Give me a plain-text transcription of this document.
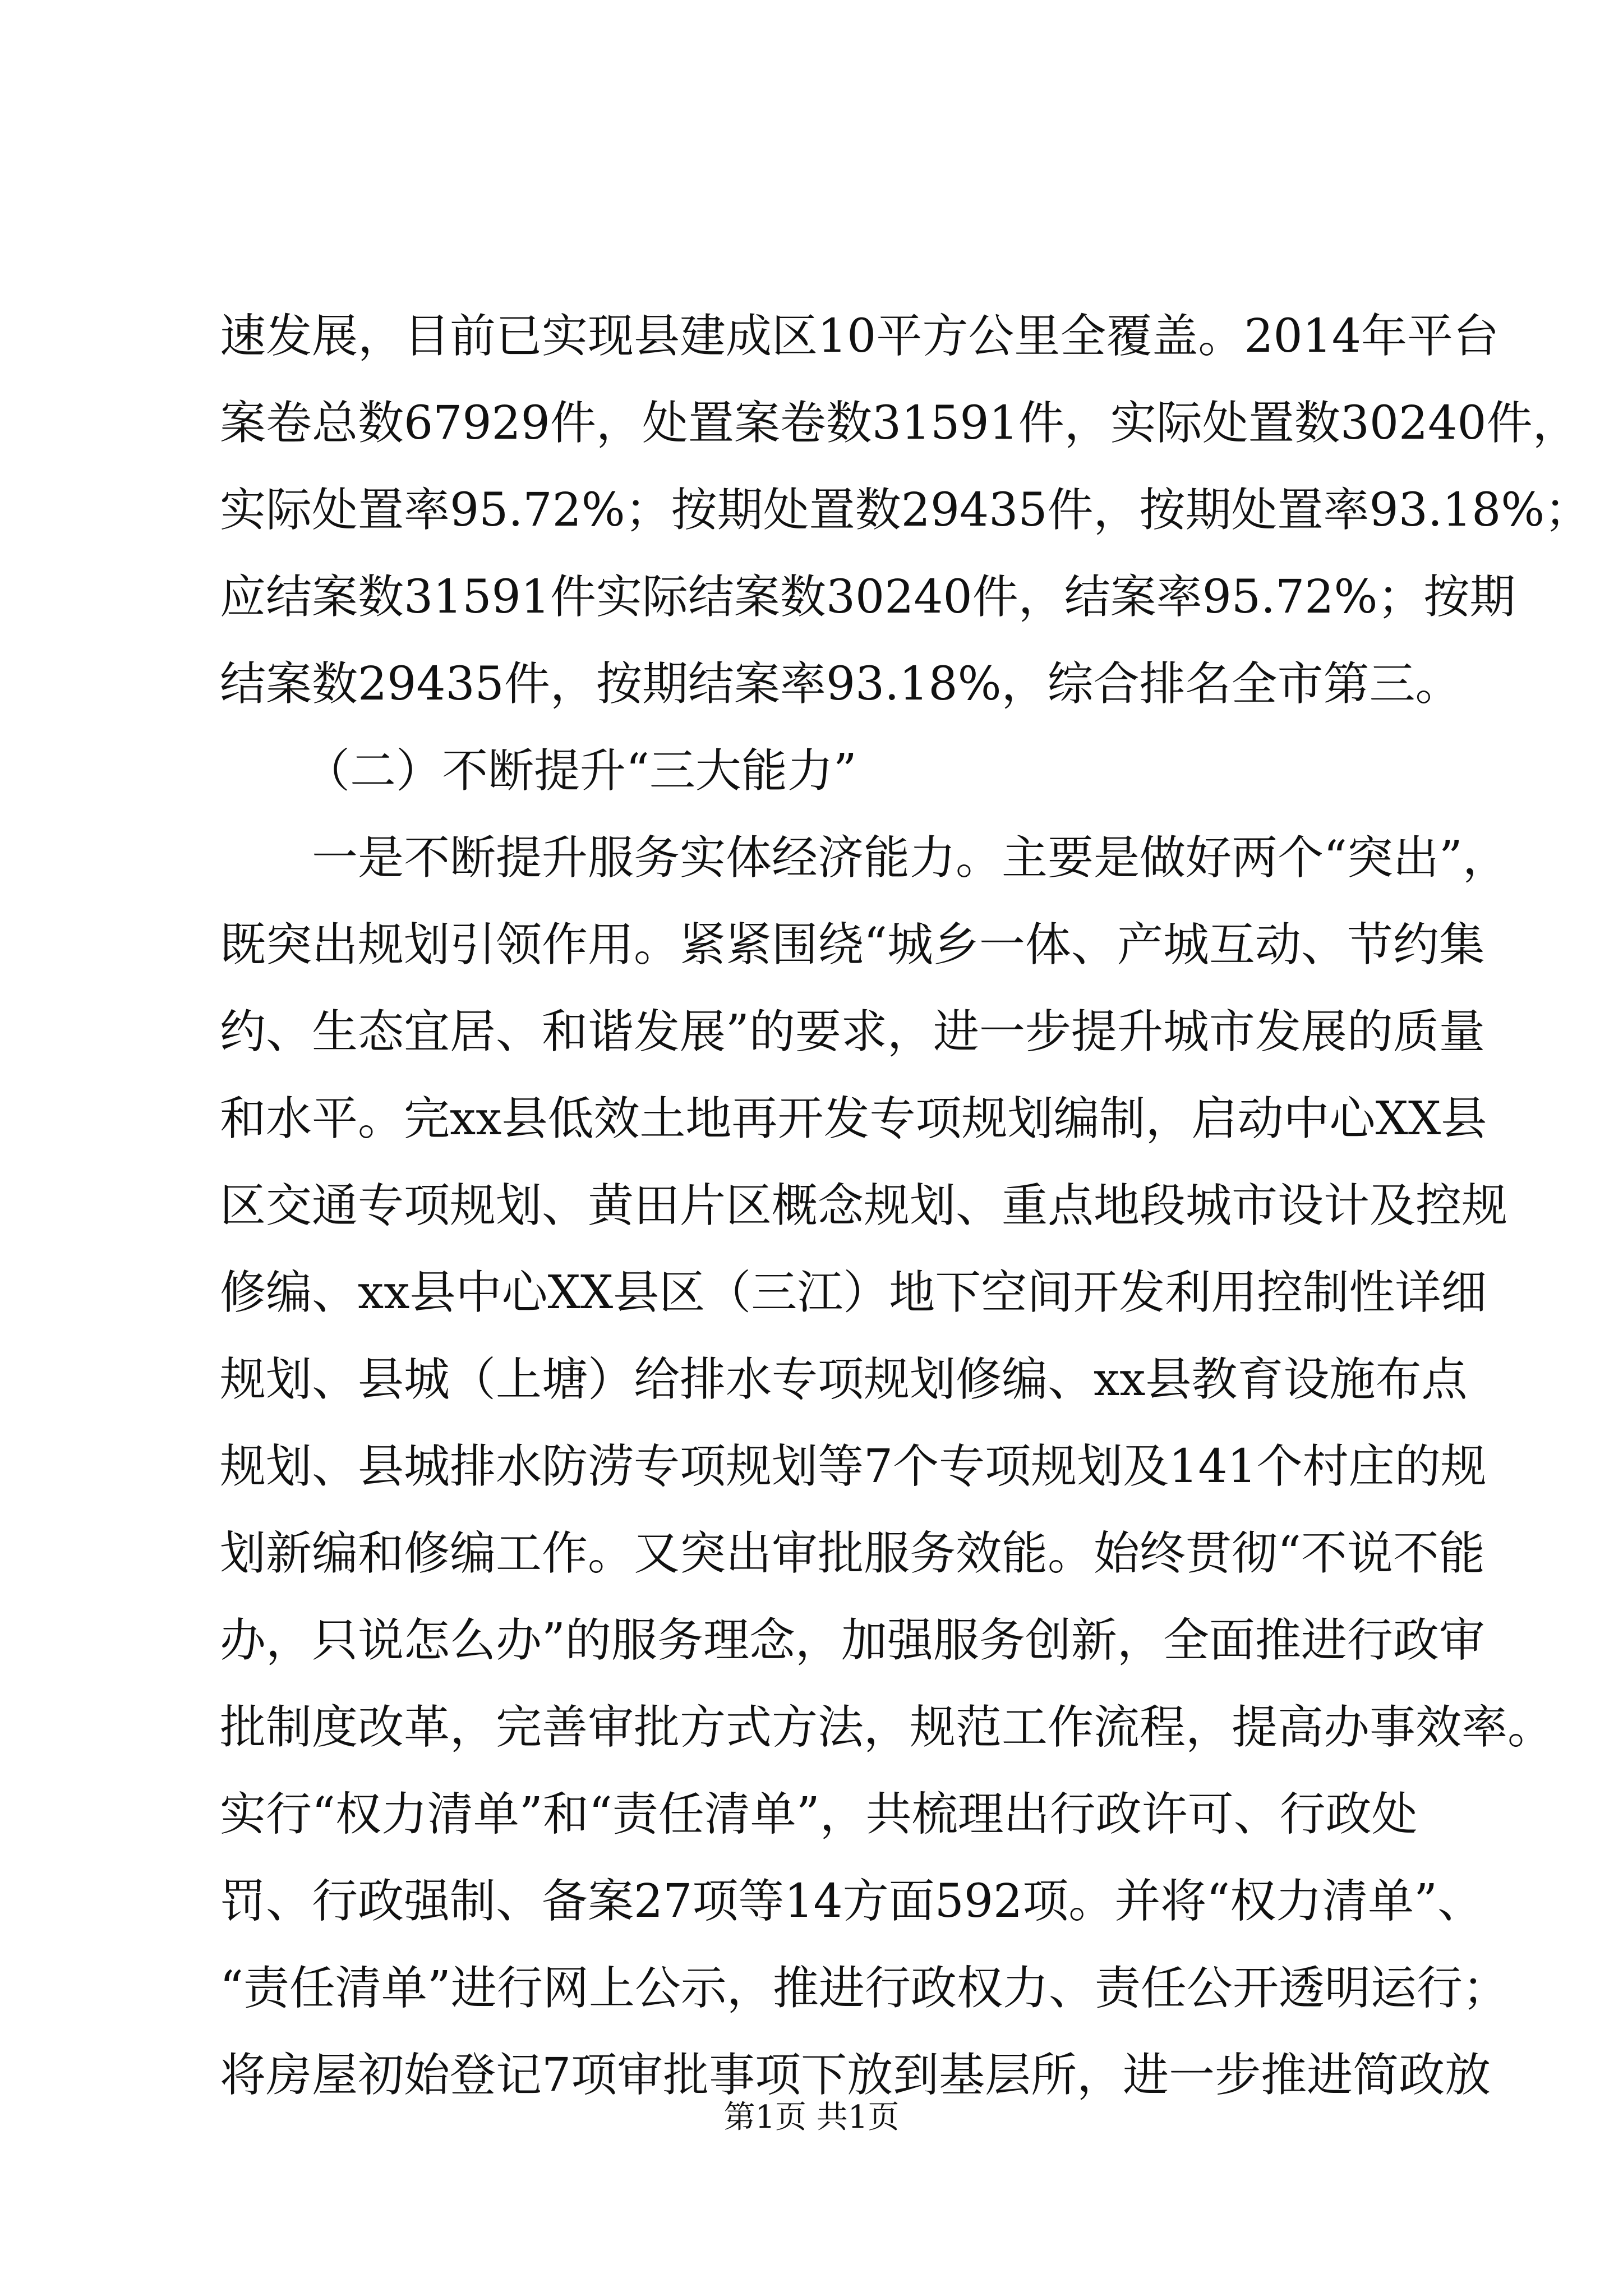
速发展，目前已实现县建成区10平方公里全覆盖。2014年平台
案卷总数67929件，处置案卷数31591件，实际处置数30240件，
实际处置率95.72%；按期处置数29435件，按期处置率93.18%；
应结案数31591件实际结案数30240件，结案率95.72%；按期
结案数29435件，按期结案率93.18%，综合排名全市第三。
（二）不断提升“三大能力”
一是不断提升服务实体经济能力。主要是做好两个“突出”，
既突出规划引领作用。紧紧围绕“城乡一体、产城互动、节约集
约、生态宜居、和谐发展”的要求，进一步提升城市发展的质量
和水平。完xx县低效土地再开发专项规划编制，启动中心XX县
区交通专项规划、黄田片区概念规划、重点地段城市设计及控规
修编、xx县中心XX县区（三江）地下空间开发利用控制性详细
规划、县城（上塘）给排水专项规划修编、xx县教育设施布点
规划、县城排水防涝专项规划等7个专项规划及141个村庄的规
划新编和修编工作。又突出审批服务效能。始终贯彻“不说不能
办，只说怎么办”的服务理念，加强服务创新，全面推进行政审
批制度改革，完善审批方式方法，规范工作流程，提高办事效率。
实行“权力清单”和“责任清单”，共梳理出行政许可、行政处
罚、行政强制、备案27项等14方面592项。并将“权力清单”、
“责任清单”进行网上公示，推进行政权力、责任公开透明运行；
将房屋初始登记7项审批事项下放到基层所，进一步推进简政放
第1页 共1页
